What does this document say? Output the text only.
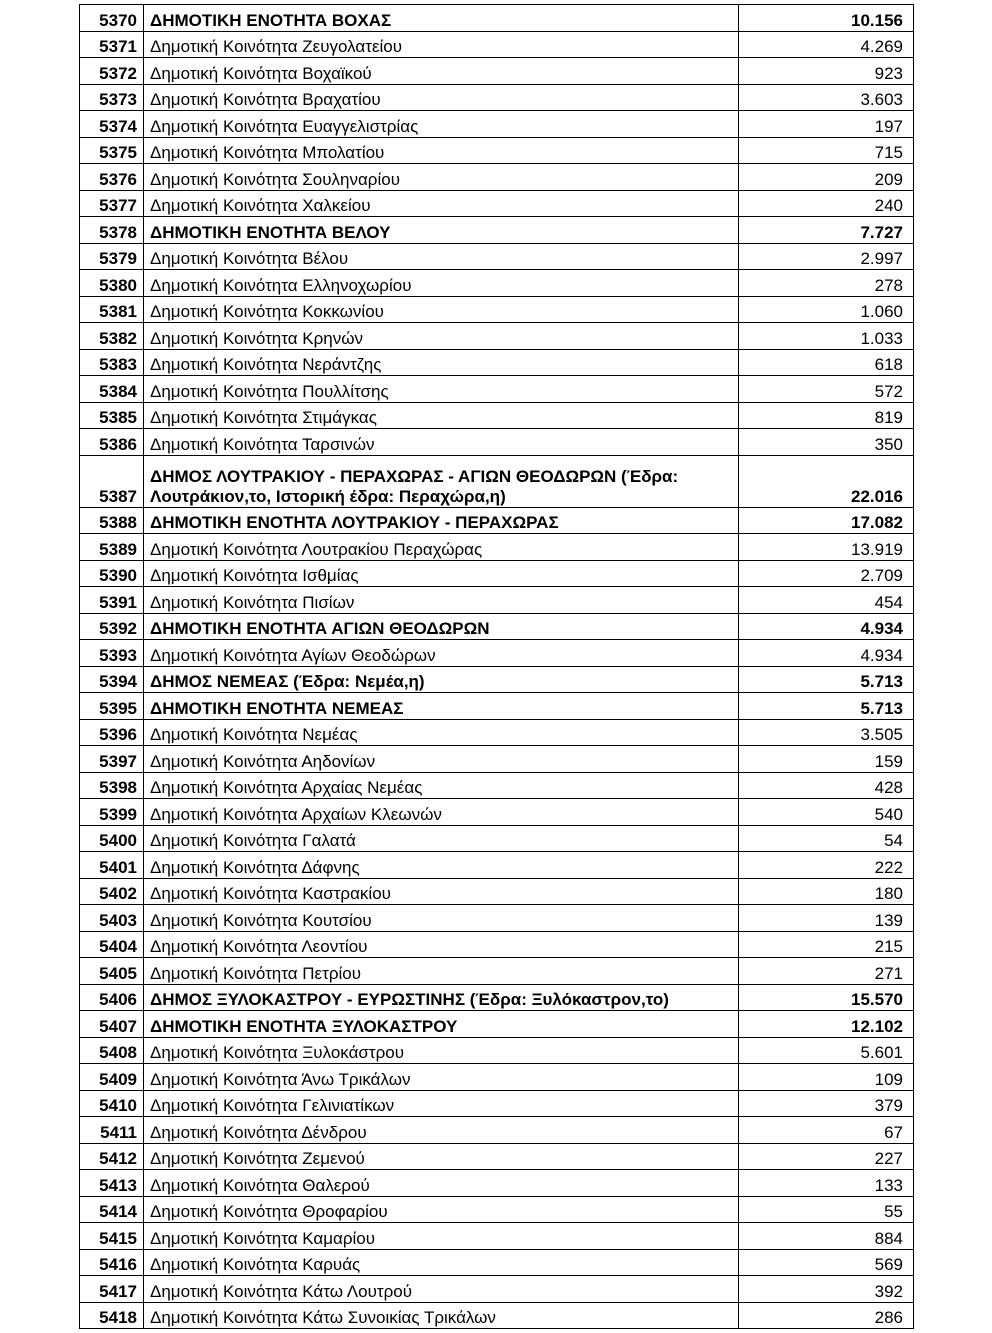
5370	ΔΗΜΟΤΙΚΗ ΕΝΟΤΗΤΑ ΒΟΧΑΣ	10.156
5371	Δημοτική Κοινότητα Ζευγολατείου	4.269
5372	Δημοτική Κοινότητα Βοχαϊκού	923
5373	Δημοτική Κοινότητα Βραχατίου	3.603
5374	Δημοτική Κοινότητα Ευαγγελιστρίας	197
5375	Δημοτική Κοινότητα Μπολατίου	715
5376	Δημοτική Κοινότητα Σουληναρίου	209
5377	Δημοτική Κοινότητα Χαλκείου	240
5378	ΔΗΜΟΤΙΚΗ ΕΝΟΤΗΤΑ ΒΕΛΟΥ	7.727
5379	Δημοτική Κοινότητα Βέλου	2.997
5380	Δημοτική Κοινότητα Ελληνοχωρίου	278
5381	Δημοτική Κοινότητα Κοκκωνίου	1.060
5382	Δημοτική Κοινότητα Κρηνών	1.033
5383	Δημοτική Κοινότητα Νεράντζης	618
5384	Δημοτική Κοινότητα Πουλλίτσης	572
5385	Δημοτική Κοινότητα Στιμάγκας	819
5386	Δημοτική Κοινότητα Ταρσινών	350
5387	ΔΗΜΟΣ ΛΟΥΤΡΑΚΙΟΥ - ΠΕΡΑΧΩΡΑΣ - ΑΓΙΩΝ ΘΕΟΔΩΡΩΝ (Έδρα: Λουτράκιον,το, Ιστορική έδρα: Περαχώρα,η)	22.016
5388	ΔΗΜΟΤΙΚΗ ΕΝΟΤΗΤΑ ΛΟΥΤΡΑΚΙΟΥ - ΠΕΡΑΧΩΡΑΣ	17.082
5389	Δημοτική Κοινότητα Λουτρακίου Περαχώρας	13.919
5390	Δημοτική Κοινότητα Ισθμίας	2.709
5391	Δημοτική Κοινότητα Πισίων	454
5392	ΔΗΜΟΤΙΚΗ ΕΝΟΤΗΤΑ ΑΓΙΩΝ ΘΕΟΔΩΡΩΝ	4.934
5393	Δημοτική Κοινότητα Αγίων Θεοδώρων	4.934
5394	ΔΗΜΟΣ ΝΕΜΕΑΣ (Έδρα: Νεμέα,η)	5.713
5395	ΔΗΜΟΤΙΚΗ ΕΝΟΤΗΤΑ ΝΕΜΕΑΣ	5.713
5396	Δημοτική Κοινότητα Νεμέας	3.505
5397	Δημοτική Κοινότητα Αηδονίων	159
5398	Δημοτική Κοινότητα Αρχαίας Νεμέας	428
5399	Δημοτική Κοινότητα Αρχαίων Κλεωνών	540
5400	Δημοτική Κοινότητα Γαλατά	54
5401	Δημοτική Κοινότητα Δάφνης	222
5402	Δημοτική Κοινότητα Καστρακίου	180
5403	Δημοτική Κοινότητα Κουτσίου	139
5404	Δημοτική Κοινότητα Λεοντίου	215
5405	Δημοτική Κοινότητα Πετρίου	271
5406	ΔΗΜΟΣ ΞΥΛΟΚΑΣΤΡΟΥ - ΕΥΡΩΣΤΙΝΗΣ (Έδρα: Ξυλόκαστρον,το)	15.570
5407	ΔΗΜΟΤΙΚΗ ΕΝΟΤΗΤΑ ΞΥΛΟΚΑΣΤΡΟΥ	12.102
5408	Δημοτική Κοινότητα Ξυλοκάστρου	5.601
5409	Δημοτική Κοινότητα Άνω Τρικάλων	109
5410	Δημοτική Κοινότητα Γελινιατίκων	379
5411	Δημοτική Κοινότητα Δένδρου	67
5412	Δημοτική Κοινότητα Ζεμενού	227
5413	Δημοτική Κοινότητα Θαλερού	133
5414	Δημοτική Κοινότητα Θροφαρίου	55
5415	Δημοτική Κοινότητα Καμαρίου	884
5416	Δημοτική Κοινότητα Καρυάς	569
5417	Δημοτική Κοινότητα Κάτω Λουτρού	392
5418	Δημοτική Κοινότητα Κάτω Συνοικίας Τρικάλων	286
